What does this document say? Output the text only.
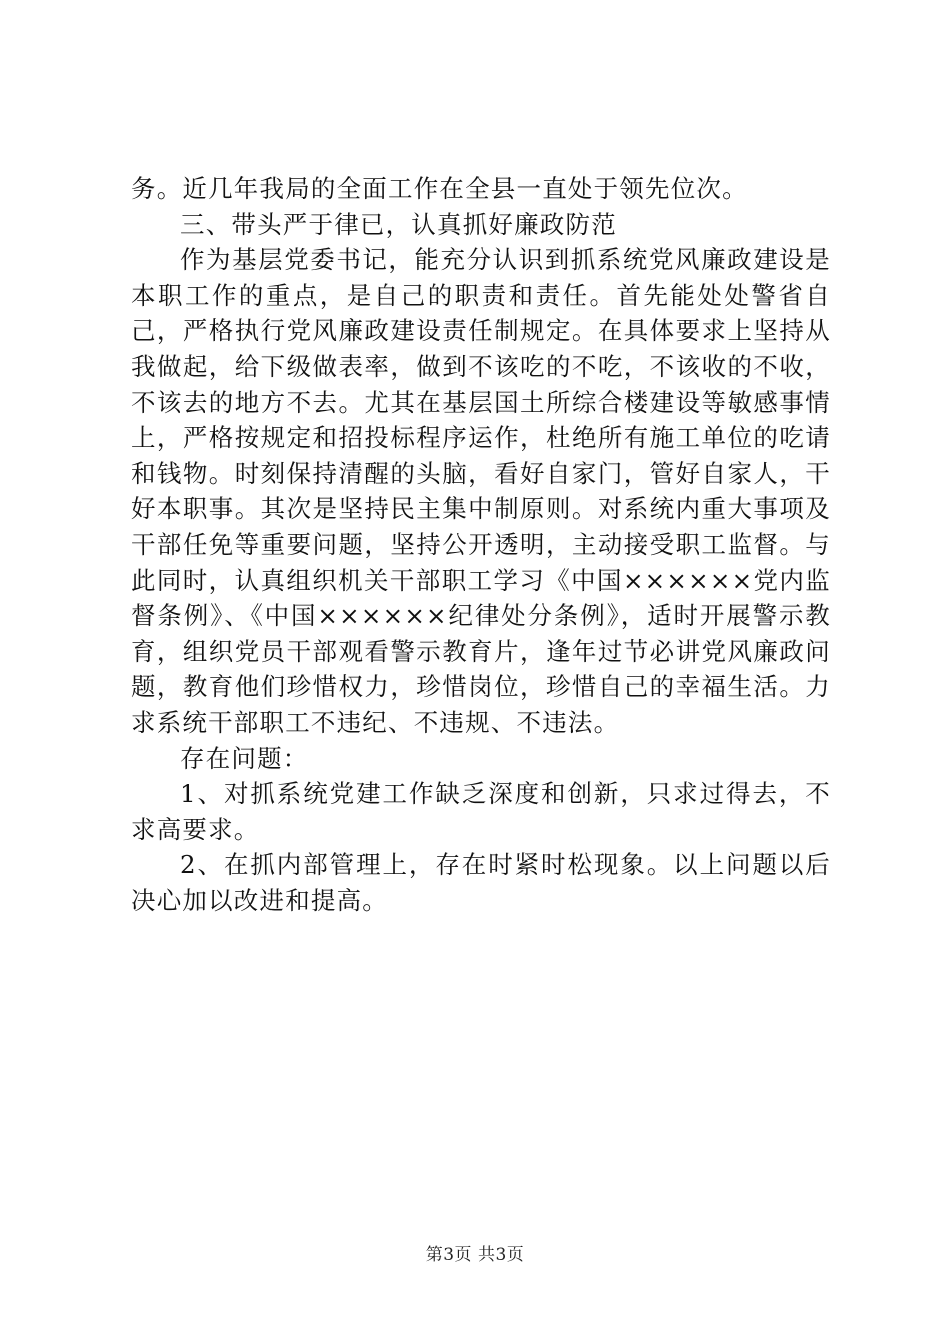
务。近几年我局的全面工作在全县一直处于领先位次。

三、带头严于律已，认真抓好廉政防范

作为基层党委书记，能充分认识到抓系统党风廉政建设是本职工作的重点，是自己的职责和责任。首先能处处警省自己，严格执行党风廉政建设责任制规定。在具体要求上坚持从我做起，给下级做表率，做到不该吃的不吃，不该收的不收，不该去的地方不去。尤其在基层国土所综合楼建设等敏感事情上，严格按规定和招投标程序运作，杜绝所有施工单位的吃请和钱物。时刻保持清醒的头脑，看好自家门，管好自家人，干好本职事。其次是坚持民主集中制原则。对系统内重大事项及干部任免等重要问题，坚持公开透明，主动接受职工监督。与此同时，认真组织机关干部职工学习《中国××××××党内监督条例》、《中国××××××纪律处分条例》，适时开展警示教育，组织党员干部观看警示教育片，逢年过节必讲党风廉政问题，教育他们珍惜权力，珍惜岗位，珍惜自己的幸福生活。力求系统干部职工不违纪、不违规、不违法。

存在问题：

1、对抓系统党建工作缺乏深度和创新，只求过得去，不求高要求。

2、在抓内部管理上，存在时紧时松现象。以上问题以后决心加以改进和提高。

第3页 共3页
